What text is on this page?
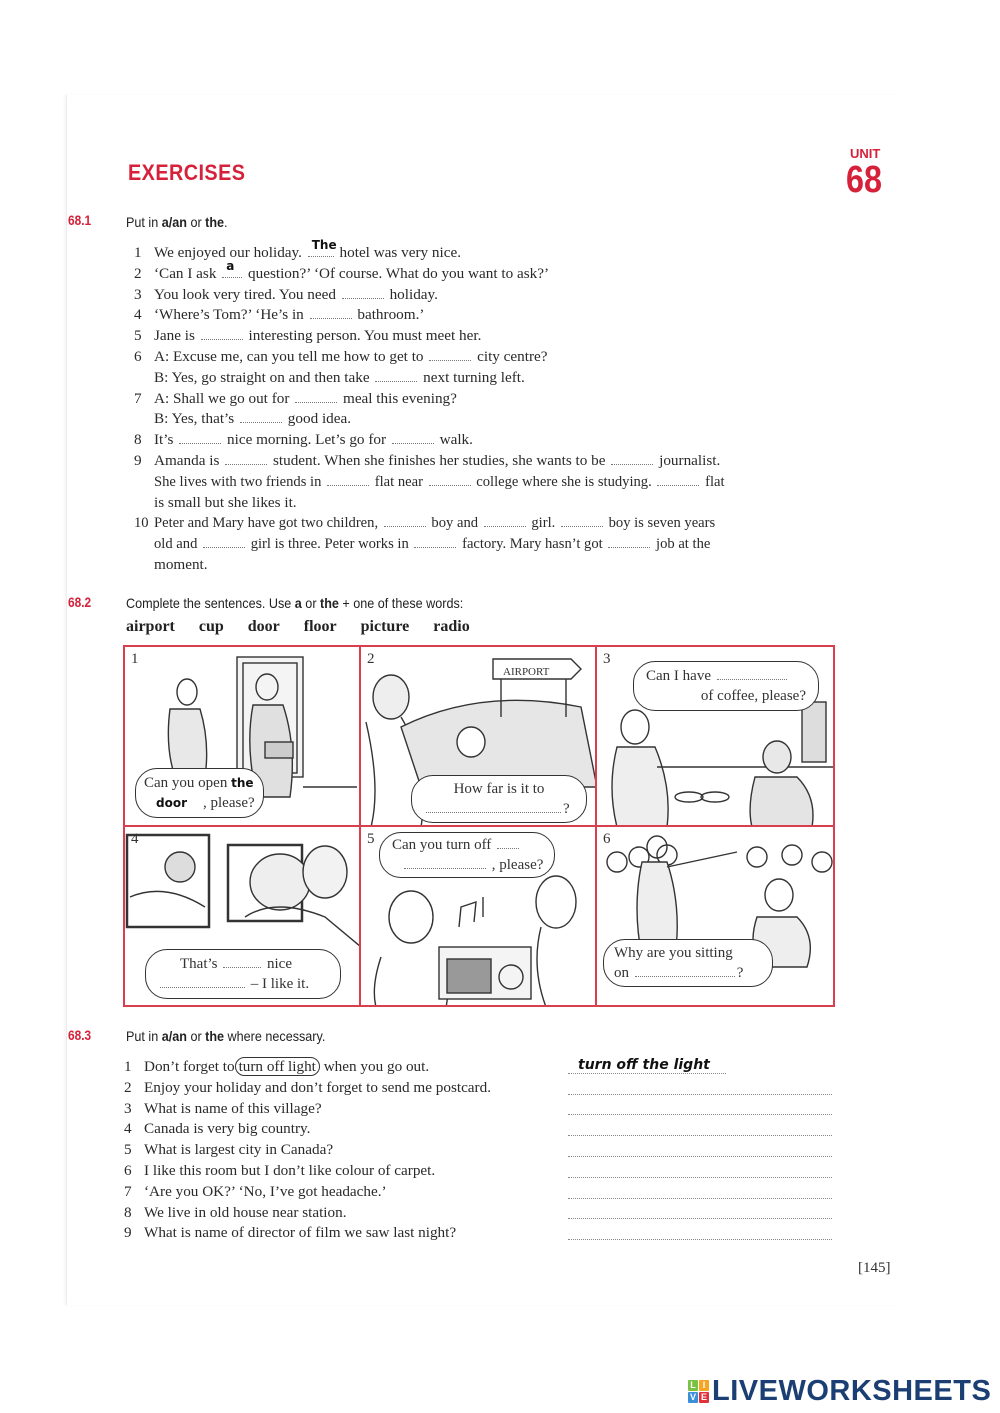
EXERCISES
UNIT
68
68.1 Put in a/an or the.
1 We enjoyed our holiday. The hotel was very nice.
2 ‘Can I ask a question?’ ‘Of course. What do you want to ask?’
3 You look very tired. You need	holiday.
4 ‘Where’s Tom?’ ‘He’s in	bathroom.’
5 Jane is	interesting person. You must meet her.
6 A: Excuse me, can you tell me how to get to	city centre?
B: Yes, go straight on and then take	next turning left.
7 A: Shall we go out for	meal this evening?
B: Yes, that’s	good idea.
8 It’s	nice morning. Let’s go for	walk.
9 Amanda is	student. When she finishes her studies, she wants to be	journalist.
She lives with two friends in	flat near	college where she is studying.	flat
is small but she likes it.
10 Peter and Mary have got two children,	boy and	girl.	boy is seven years
old and	girl is three. Peter works in	factory. Mary hasn’t got	job at the
moment.
68.2 Complete the sentences. Use a or the + one of these words:
airport cup door floor picture radio
1
Can you open the
door , please?
2
AIRPORT
How far is it to
?
3
Can I have
of coffee, please?
4
That’s	nice
– I like it.
5 Can you turn off
, please?
6
Why are you sitting
on	?
68.3 Put in a/an or the where necessary.
1 Don’t forget to turn off light when you go out.
2 Enjoy your holiday and don’t forget to send me postcard.
3 What is name of this village?
4 Canada is very big country.
5 What is largest city in Canada?
6 I like this room but I don’t like colour of carpet.
7 ‘Are you OK?’ ‘No, I’ve got headache.’
8 We live in old house near station.
9 What is name of director of film we saw last night?
turn off the light
[145]
L I
V E LIVEWORKSHEETS
